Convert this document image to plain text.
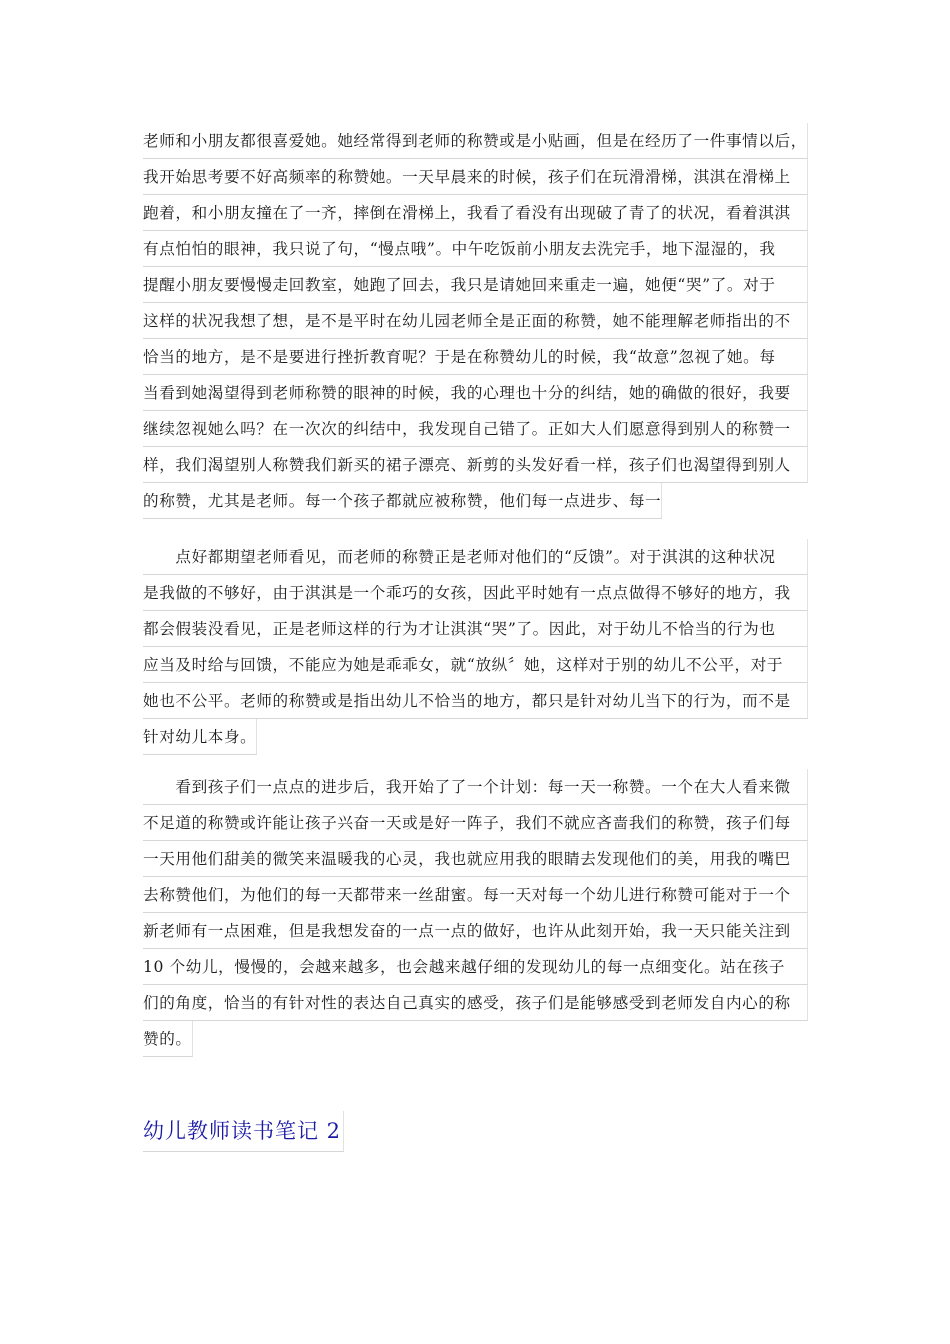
老师和小朋友都很喜爱她。她经常得到老师的称赞或是小贴画，但是在经历了一件事情以后，
我开始思考要不好高频率的称赞她。一天早晨来的时候，孩子们在玩滑滑梯，淇淇在滑梯上
跑着，和小朋友撞在了一齐，摔倒在滑梯上，我看了看没有出现破了青了的状况，看着淇淇
有点怕怕的眼神，我只说了句，“慢点哦”。中午吃饭前小朋友去洗完手，地下湿湿的，我
提醒小朋友要慢慢走回教室，她跑了回去，我只是请她回来重走一遍，她便“哭”了。对于
这样的状况我想了想，是不是平时在幼儿园老师全是正面的称赞，她不能理解老师指出的不
恰当的地方，是不是要进行挫折教育呢？于是在称赞幼儿的时候，我“故意”忽视了她。每
当看到她渴望得到老师称赞的眼神的时候，我的心理也十分的纠结，她的确做的很好，我要
继续忽视她么吗？在一次次的纠结中，我发现自己错了。正如大人们愿意得到别人的称赞一
样，我们渴望别人称赞我们新买的裙子漂亮、新剪的头发好看一样，孩子们也渴望得到别人
的称赞，尤其是老师。每一个孩子都就应被称赞，他们每一点进步、每一
　　点好都期望老师看见，而老师的称赞正是老师对他们的“反馈”。对于淇淇的这种状况
是我做的不够好，由于淇淇是一个乖巧的女孩，因此平时她有一点点做得不够好的地方，我
都会假装没看见，正是老师这样的行为才让淇淇“哭”了。因此，对于幼儿不恰当的行为也
应当及时给与回馈，不能应为她是乖乖女，就“放纵〞她，这样对于别的幼儿不公平，对于
她也不公平。老师的称赞或是指出幼儿不恰当的地方，都只是针对幼儿当下的行为，而不是
针对幼儿本身。
　　看到孩子们一点点的进步后，我开始了了一个计划：每一天一称赞。一个在大人看来微
不足道的称赞或许能让孩子兴奋一天或是好一阵子，我们不就应吝啬我们的称赞，孩子们每
一天用他们甜美的微笑来温暖我的心灵，我也就应用我的眼睛去发现他们的美，用我的嘴巴
去称赞他们，为他们的每一天都带来一丝甜蜜。每一天对每一个幼儿进行称赞可能对于一个
新老师有一点困难，但是我想发奋的一点一点的做好，也许从此刻开始，我一天只能关注到
10 个幼儿，慢慢的，会越来越多，也会越来越仔细的发现幼儿的每一点细变化。站在孩子
们的角度，恰当的有针对性的表达自己真实的感受，孩子们是能够感受到老师发自内心的称
赞的。
幼儿教师读书笔记 2
